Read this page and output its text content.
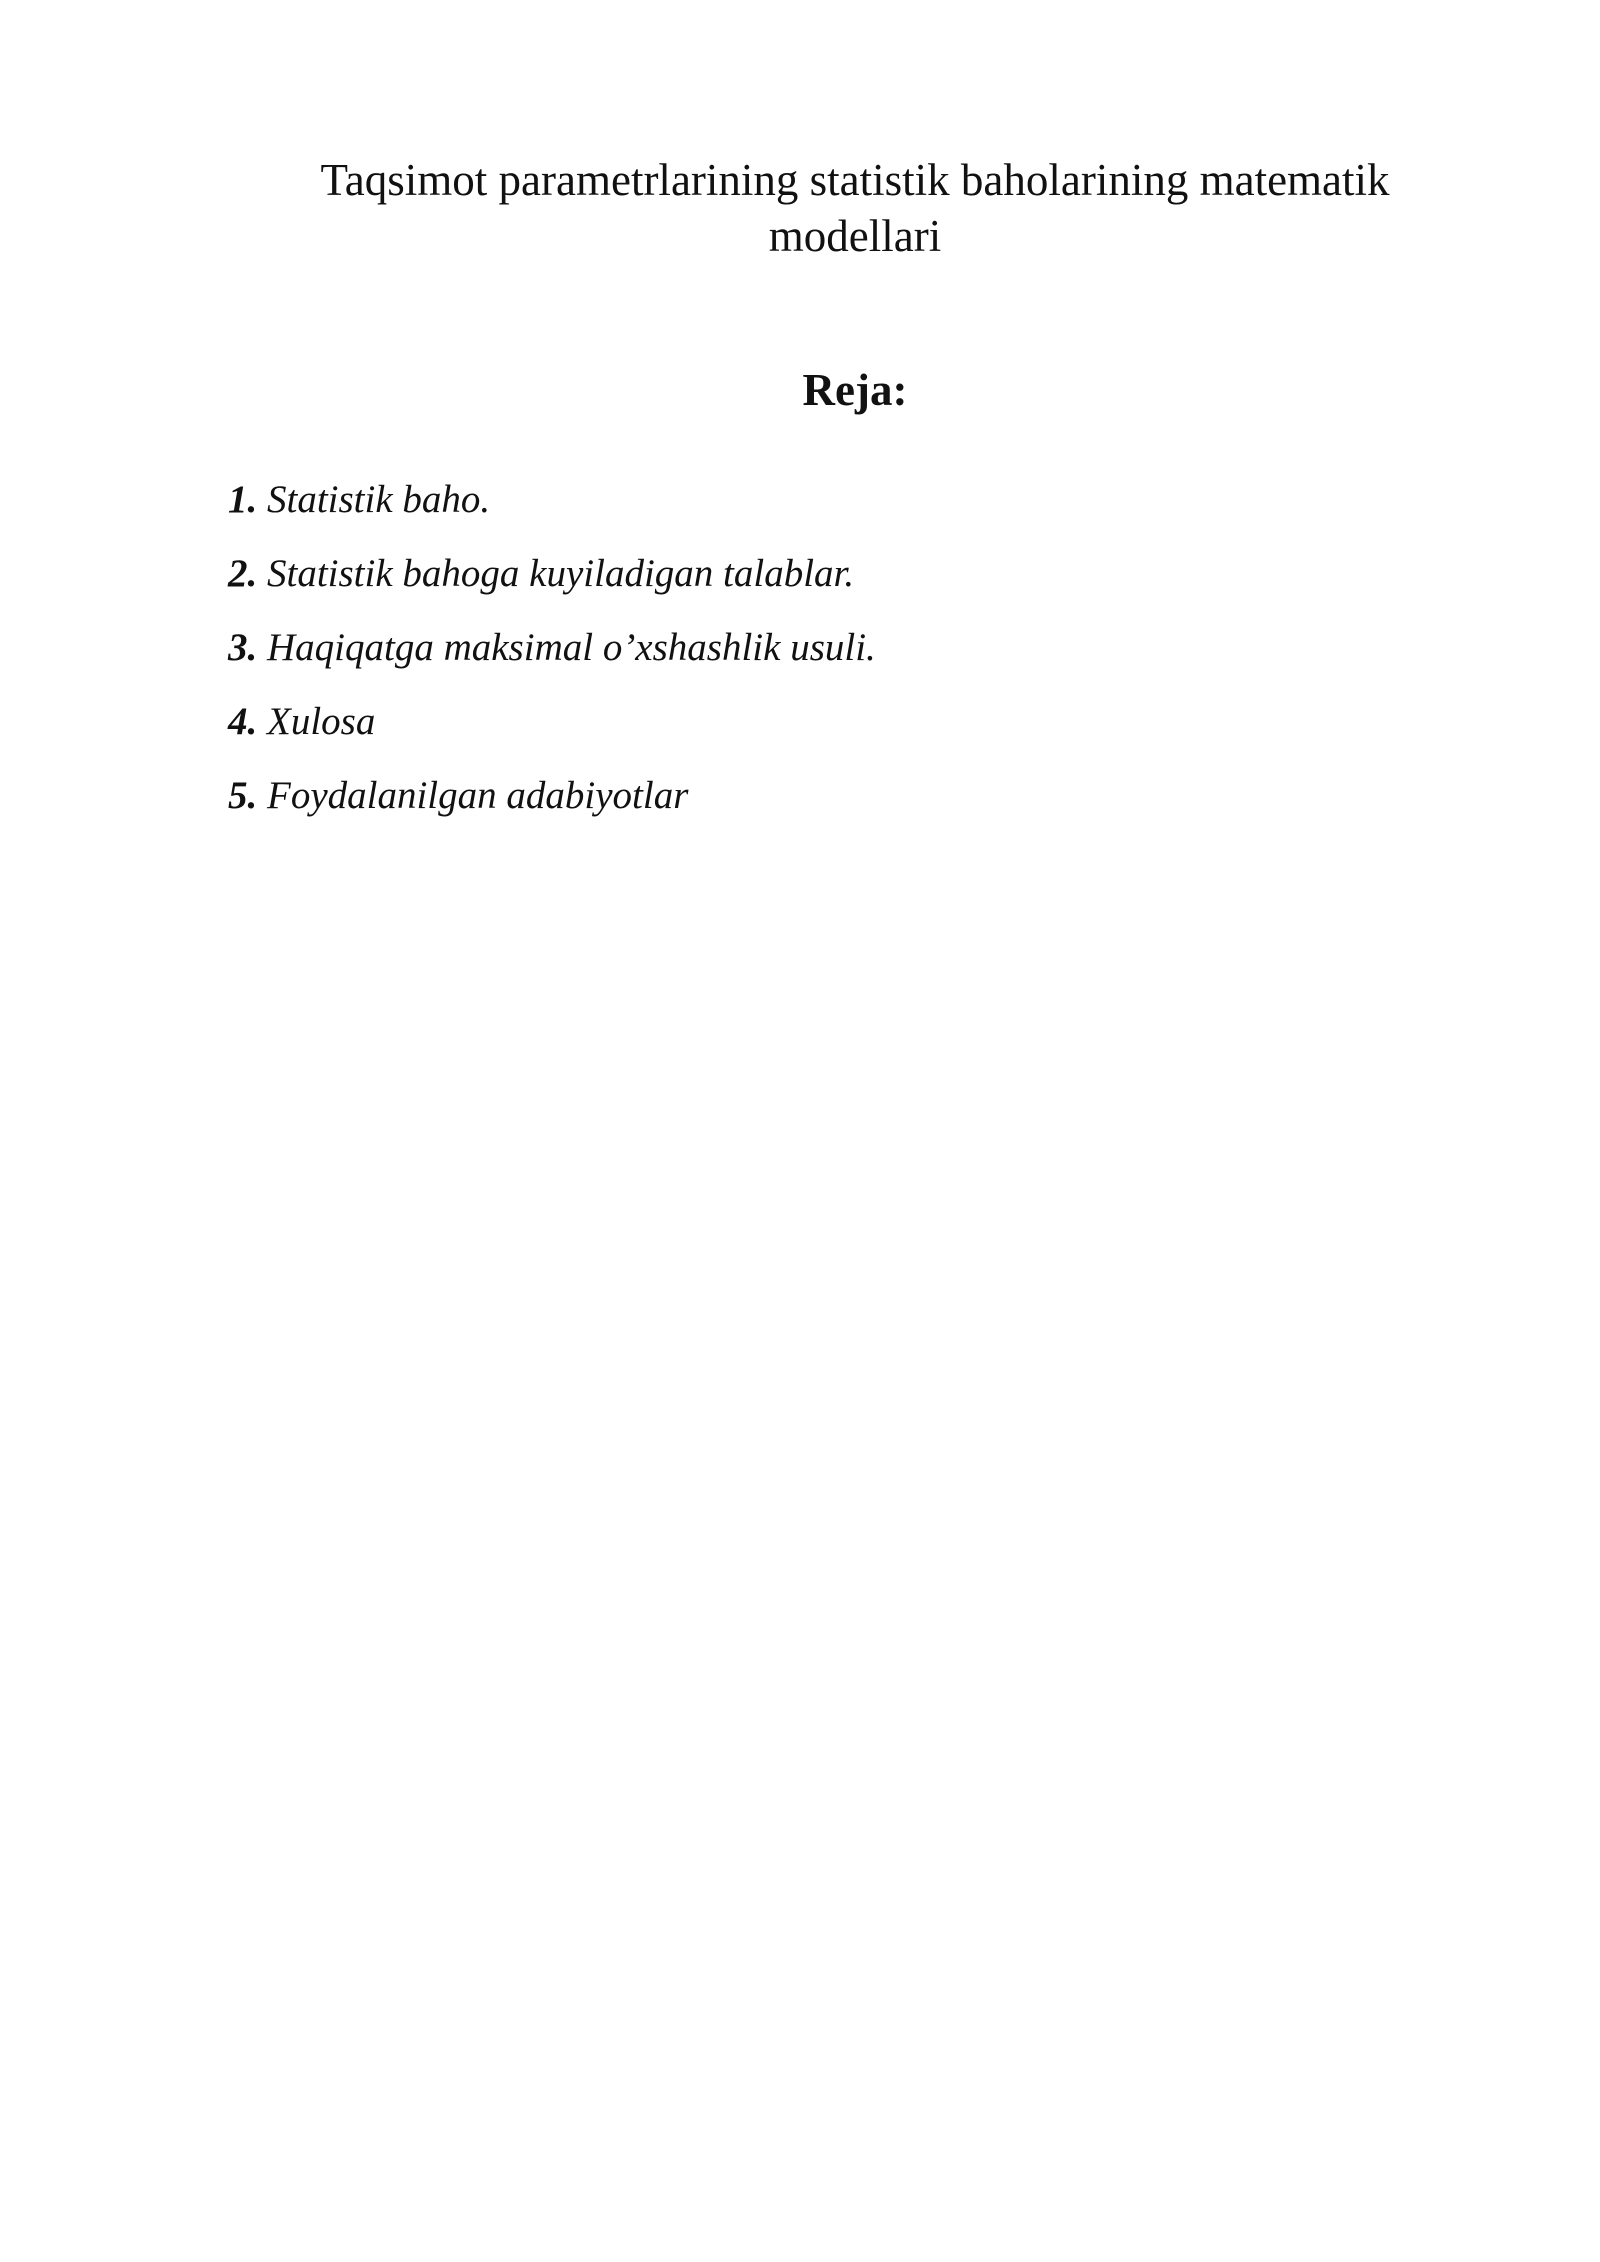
Taqsimot parametrlarining statistik baholarining matematik modellari
Reja:
1. Statistik baho.
2. Statistik bahoga kuyiladigan talablar.
3. Haqiqatga maksimal o’xshashlik usuli.
4. Xulosa
5. Foydalanilgan adabiyotlar
